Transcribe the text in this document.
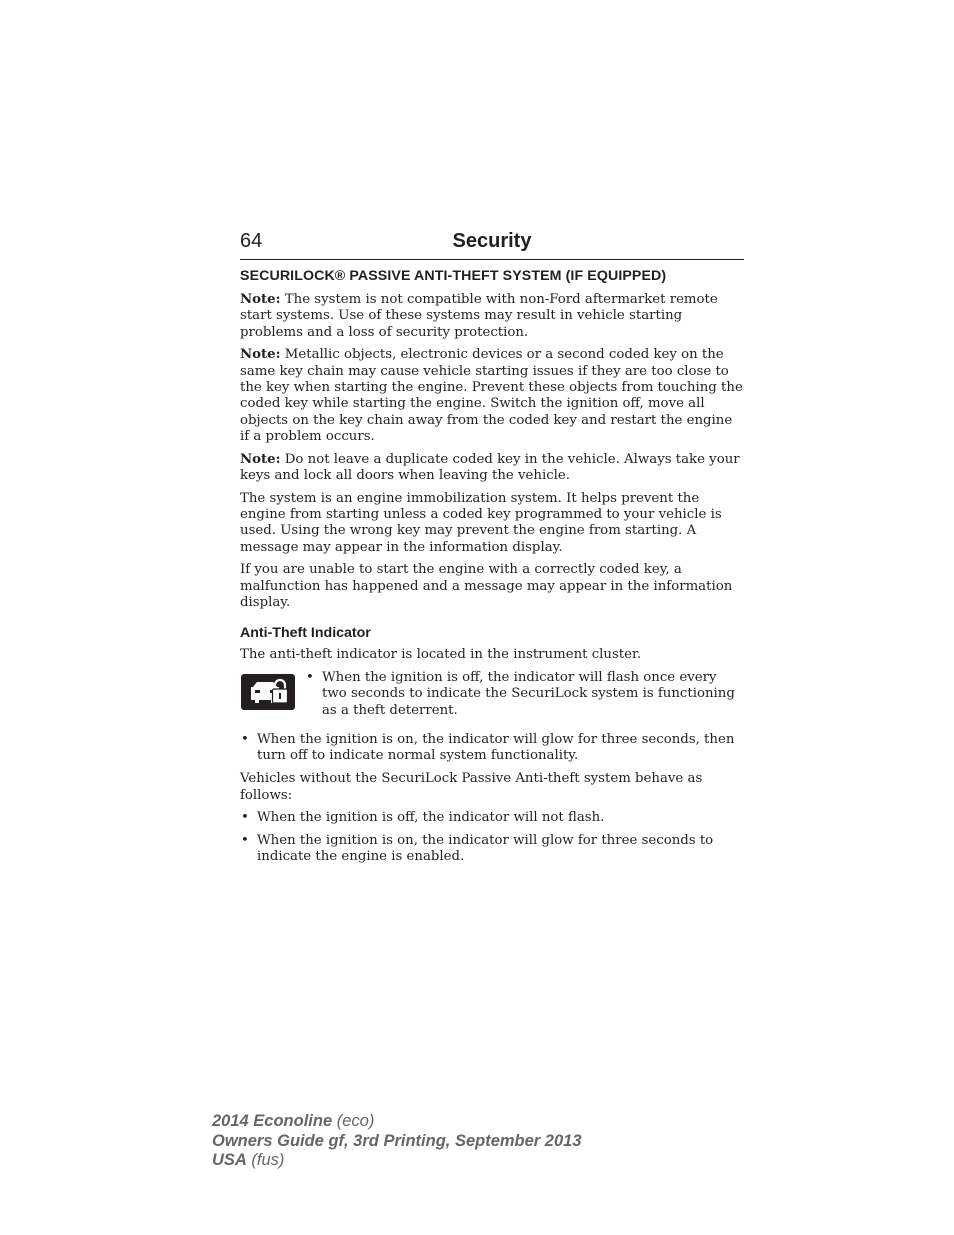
64	Security
SECURILOCK® PASSIVE ANTI-THEFT SYSTEM (IF EQUIPPED)

Note: The system is not compatible with non-Ford aftermarket remote start systems. Use of these systems may result in vehicle starting problems and a loss of security protection.

Note: Metallic objects, electronic devices or a second coded key on the same key chain may cause vehicle starting issues if they are too close to the key when starting the engine. Prevent these objects from touching the coded key while starting the engine. Switch the ignition off, move all objects on the key chain away from the coded key and restart the engine if a problem occurs.

Note: Do not leave a duplicate coded key in the vehicle. Always take your keys and lock all doors when leaving the vehicle.

The system is an engine immobilization system. It helps prevent the engine from starting unless a coded key programmed to your vehicle is used. Using the wrong key may prevent the engine from starting. A message may appear in the information display.

If you are unable to start the engine with a correctly coded key, a malfunction has happened and a message may appear in the information display.

Anti-Theft Indicator

The anti-theft indicator is located in the instrument cluster.

• When the ignition is off, the indicator will flash once every two seconds to indicate the SecuriLock system is functioning as a theft deterrent.
• When the ignition is on, the indicator will glow for three seconds, then turn off to indicate normal system functionality.

Vehicles without the SecuriLock Passive Anti-theft system behave as follows:

• When the ignition is off, the indicator will not flash.
• When the ignition is on, the indicator will glow for three seconds to indicate the engine is enabled.
2014 Econoline (eco)
Owners Guide gf, 3rd Printing, September 2013
USA (fus)
